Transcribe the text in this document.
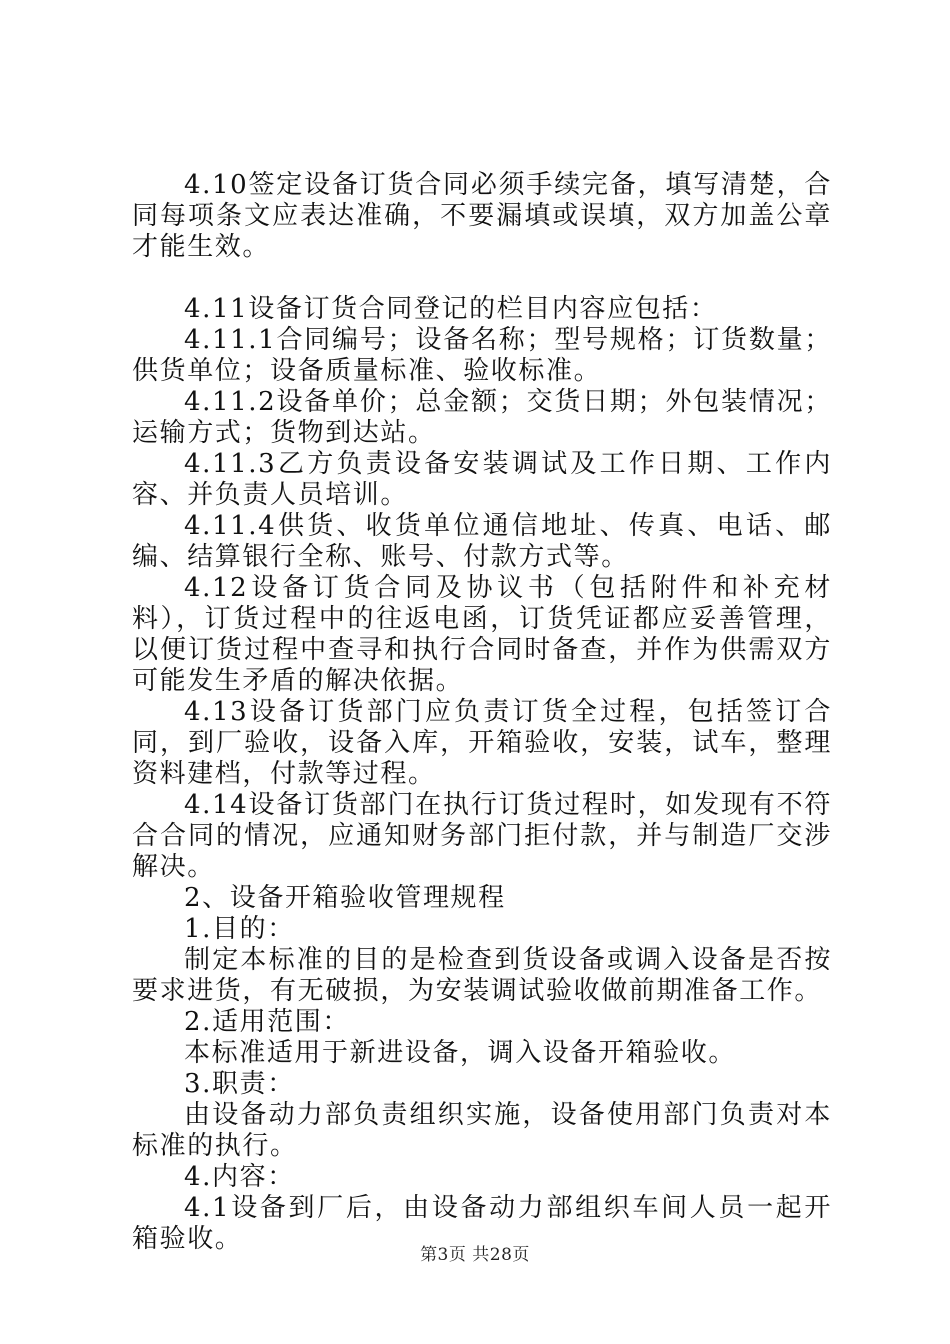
4.10签定设备订货合同必须手续完备，填写清楚，合同每项条文应表达准确，不要漏填或误填，双方加盖公章才能生效。

4.11设备订货合同登记的栏目内容应包括：

4.11.1合同编号；设备名称；型号规格；订货数量；供货单位；设备质量标准、验收标准。

4.11.2设备单价；总金额；交货日期；外包装情况；运输方式；货物到达站。

4.11.3乙方负责设备安装调试及工作日期、工作内容、并负责人员培训。

4.11.4供货、收货单位通信地址、传真、电话、邮编、结算银行全称、账号、付款方式等。

4.12设备订货合同及协议书（包括附件和补充材料），订货过程中的往返电函，订货凭证都应妥善管理，以便订货过程中查寻和执行合同时备查，并作为供需双方可能发生矛盾的解决依据。

4.13设备订货部门应负责订货全过程，包括签订合同，到厂验收，设备入库，开箱验收，安装，试车，整理资料建档，付款等过程。

4.14设备订货部门在执行订货过程时，如发现有不符合合同的情况，应通知财务部门拒付款，并与制造厂交涉解决。

2、设备开箱验收管理规程

1.目的：

制定本标准的目的是检查到货设备或调入设备是否按要求进货，有无破损，为安装调试验收做前期准备工作。

2.适用范围：

本标准适用于新进设备，调入设备开箱验收。

3.职责：

由设备动力部负责组织实施，设备使用部门负责对本标准的执行。

4.内容：

4.1设备到厂后，由设备动力部组织车间人员一起开箱验收。

第3页 共28页
